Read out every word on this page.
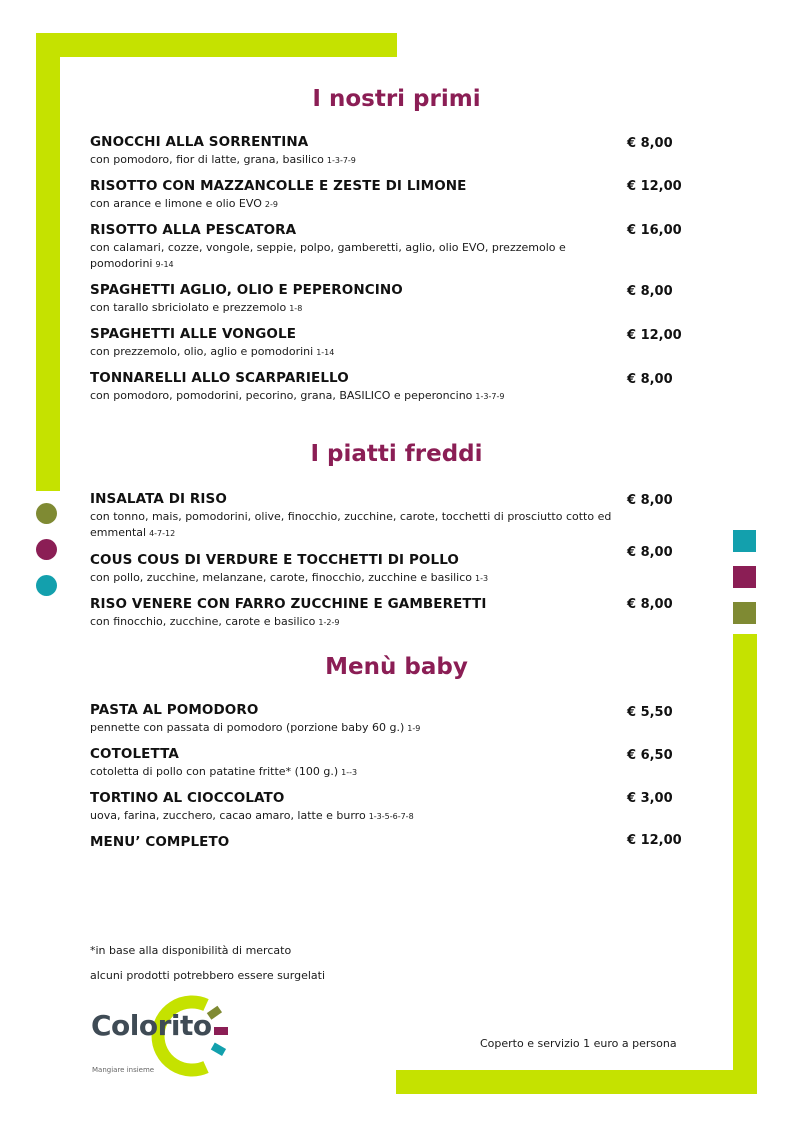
I nostri primi
GNOCCHI ALLA SORRENTINA
con pomodoro, fior di latte, grana, basilico 1-3-7-9
€ 8,00
RISOTTO CON MAZZANCOLLE E ZESTE DI LIMONE
con arance e limone e olio EVO 2-9
€ 12,00
RISOTTO ALLA PESCATORA
con calamari, cozze, vongole, seppie, polpo, gamberetti, aglio, olio EVO, prezzemolo e pomodorini 9-14
€ 16,00
SPAGHETTI AGLIO, OLIO E PEPERONCINO
con tarallo sbriciolato e prezzemolo 1-8
€ 8,00
SPAGHETTI ALLE VONGOLE
con prezzemolo, olio, aglio e pomodorini 1-14
€ 12,00
TONNARELLI ALLO SCARPARIELLO
con pomodoro, pomodorini, pecorino, grana, BASILICO e peperoncino 1-3-7-9
€ 8,00
I piatti freddi
INSALATA DI RISO
con tonno, mais, pomodorini, olive, finocchio, zucchine, carote, tocchetti di prosciutto cotto ed emmental 4-7-12
€ 8,00
COUS COUS DI VERDURE E TOCCHETTI DI POLLO
con pollo, zucchine, melanzane, carote, finocchio, zucchine e basilico 1-3
€ 8,00
RISO VENERE CON FARRO ZUCCHINE E GAMBERETTI
con finocchio, zucchine, carote e basilico 1-2-9
€ 8,00
Menù baby
PASTA AL POMODORO
pennette con passata di pomodoro (porzione baby 60 g.) 1-9
€ 5,50
COTOLETTA
cotoletta di pollo con patatine fritte* (100 g.) 1--3
€ 6,50
TORTINO AL CIOCCOLATO
uova, farina, zucchero, cacao amaro, latte e burro 1-3-5-6-7-8
€ 3,00
MENU’ COMPLETO	€ 12,00
*in base alla disponibilità di mercato
alcuni prodotti potrebbero essere surgelati
Colorito
Mangiare insieme
Coperto e servizio 1 euro a persona
